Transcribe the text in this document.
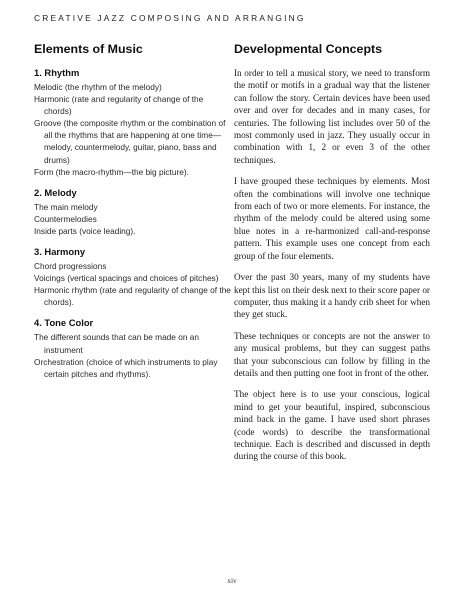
CREATIVE JAZZ COMPOSING AND ARRANGING
Elements of Music
1. Rhythm
Melodic (the rhythm of the melody)
Harmonic (rate and regularity of change of the chords)
Groove (the composite rhythm or the combination of all the rhythms that are happening at one time—melody, countermelody, guitar, piano, bass and drums)
Form (the macro-rhythm—the big picture).
2. Melody
The main melody
Countermelodies
Inside parts (voice leading).
3. Harmony
Chord progressions
Voicings (vertical spacings and choices of pitches)
Harmonic rhythm (rate and regularity of change of the chords).
4. Tone Color
The different sounds that can be made on an instrument
Orchestration (choice of which instruments to play certain pitches and rhythms).
Developmental Concepts

In order to tell a musical story, we need to transform the motif or motifs in a gradual way that the listener can follow the story. Certain devices have been used over and over for decades and in many cases, for centuries. The following list includes over 50 of the most commonly used in jazz. They usually occur in combination with 1, 2 or even 3 of the other techniques.

I have grouped these techniques by elements. Most often the combinations will involve one technique from each of two or more elements. For instance, the rhythm of the melody could be altered using some blue notes in a re-harmonized call-and-response pattern. This example uses one concept from each group of the four elements.

Over the past 30 years, many of my students have kept this list on their desk next to their score paper or computer, thus making it a handy crib sheet for when they get stuck.

These techniques or concepts are not the answer to any musical problems, but they can suggest paths that your subconscious can follow by filling in the details and then putting one foot in front of the other.

The object here is to use your conscious, logical mind to get your beautiful, inspired, subconscious mind back in the game. I have used short phrases (code words) to describe the transformational technique. Each is described and discussed in depth during the course of this book.

xiv
